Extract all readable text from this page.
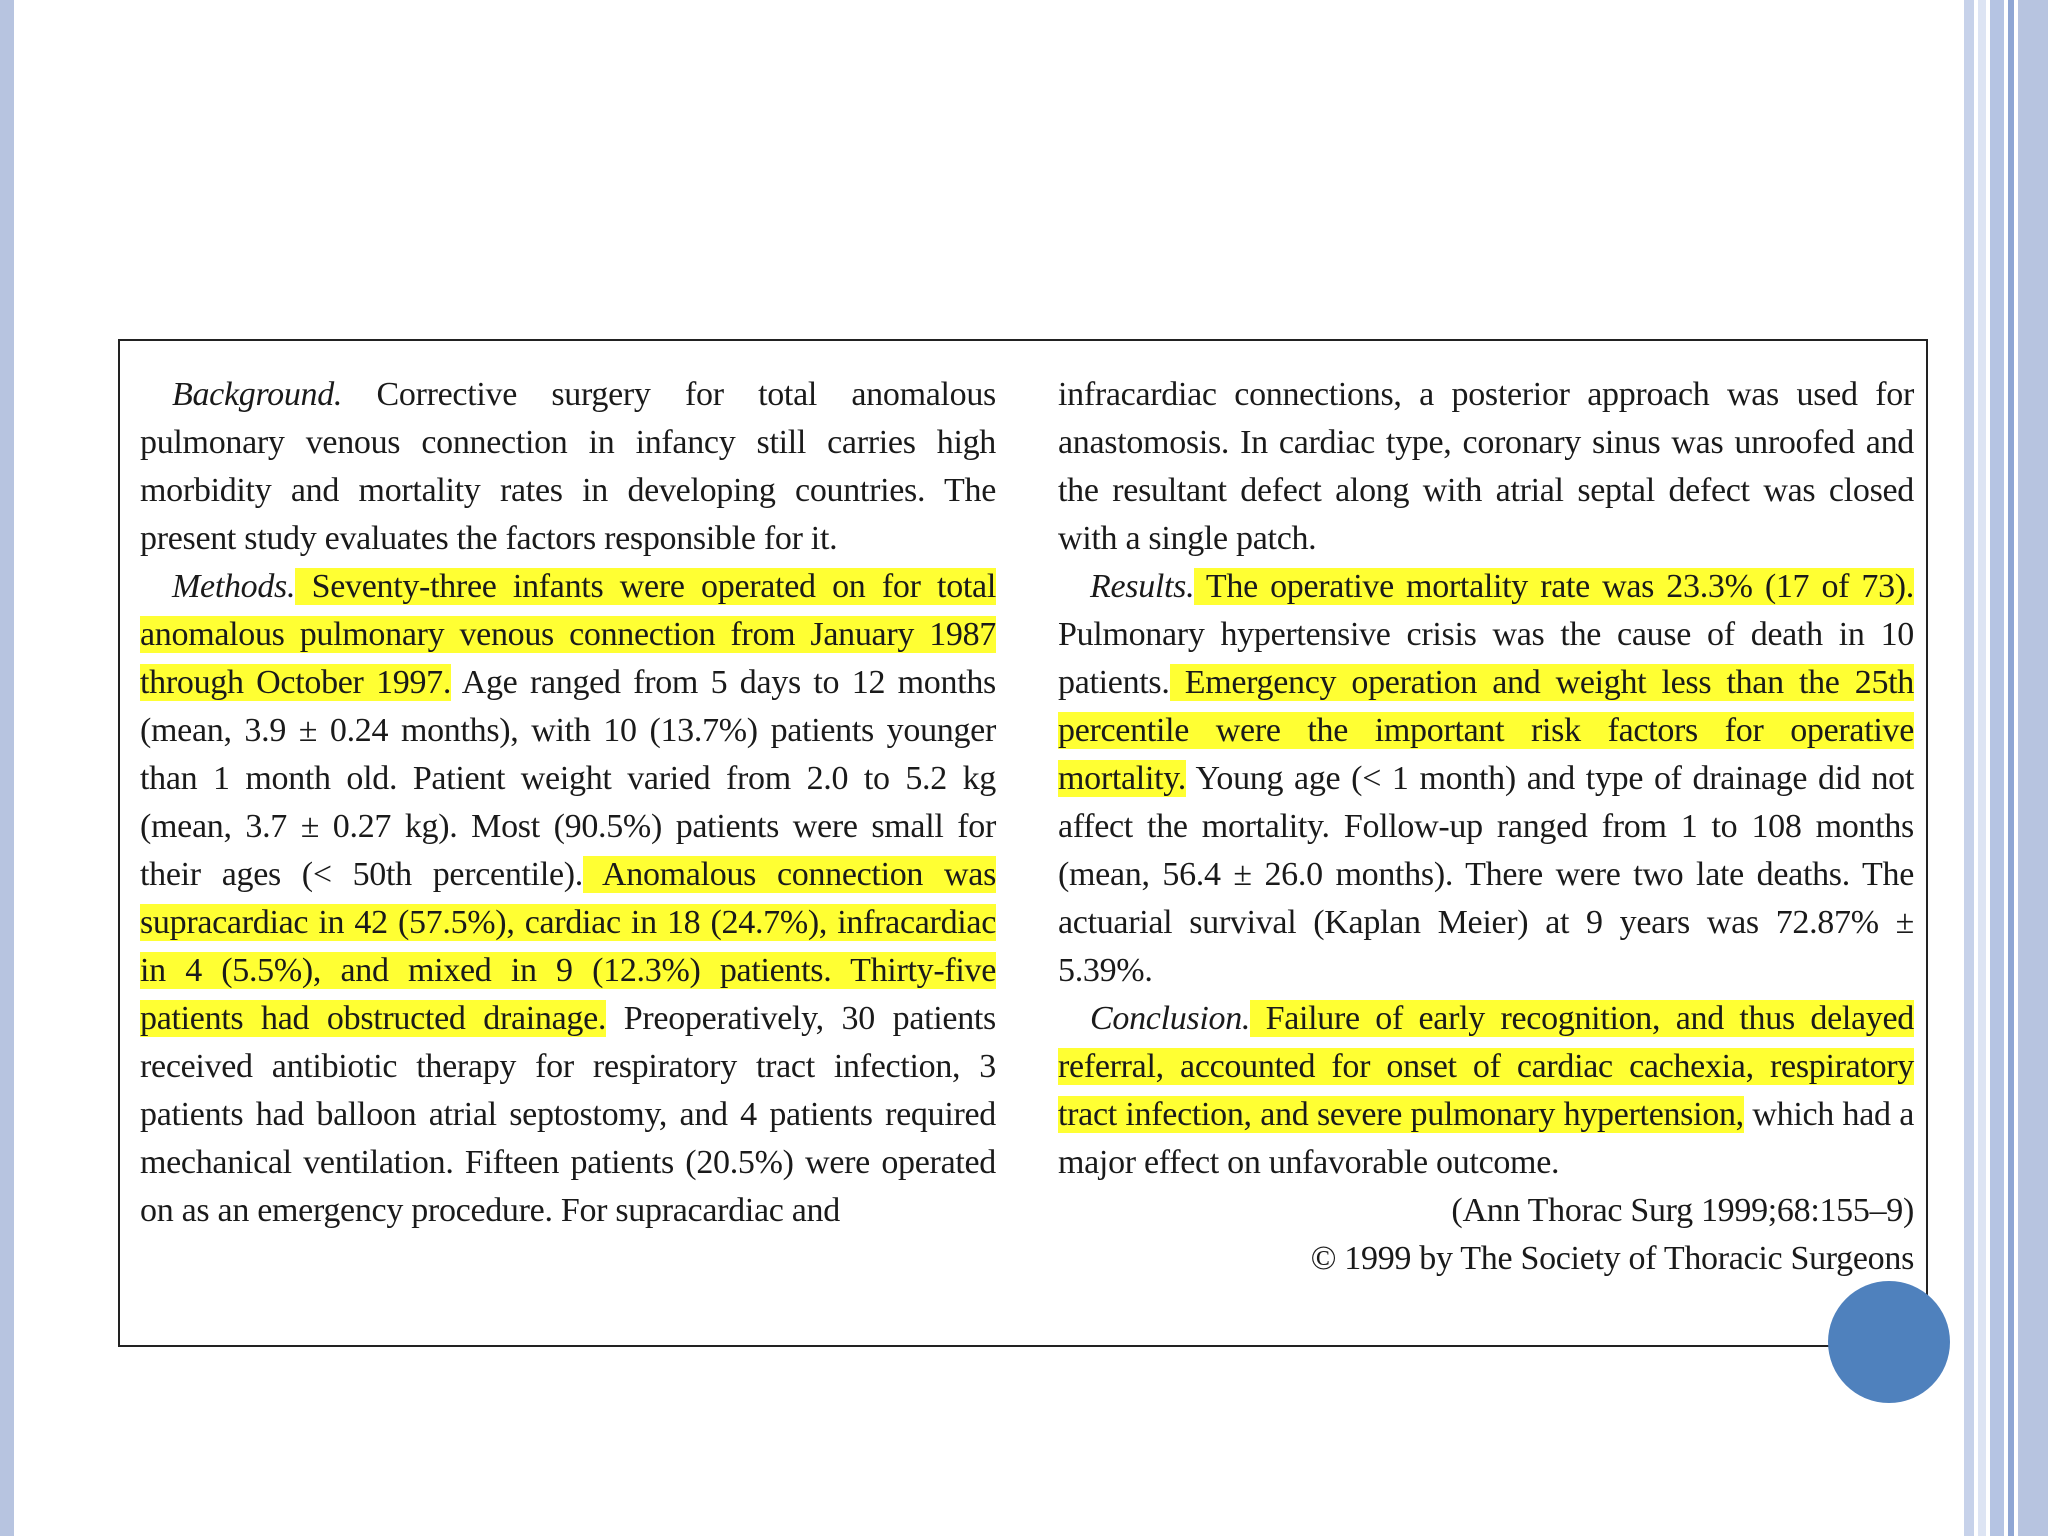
Background. Corrective surgery for total anomalous pulmonary venous connection in infancy still carries high morbidity and mortality rates in developing countries. The present study evaluates the factors responsible for it.

Methods. Seventy-three infants were operated on for total anomalous pulmonary venous connection from January 1987 through October 1997. Age ranged from 5 days to 12 months (mean, 3.9 ± 0.24 months), with 10 (13.7%) patients younger than 1 month old. Patient weight varied from 2.0 to 5.2 kg (mean, 3.7 ± 0.27 kg). Most (90.5%) patients were small for their ages (< 50th percentile). Anomalous connection was supracardiac in 42 (57.5%), cardiac in 18 (24.7%), infracardiac in 4 (5.5%), and mixed in 9 (12.3%) patients. Thirty-five patients had obstructed drainage. Preoperatively, 30 patients received antibiotic therapy for respiratory tract infection, 3 patients had balloon atrial septostomy, and 4 patients required mechanical ventilation. Fifteen patients (20.5%) were operated on as an emergency procedure. For supracardiac and

infracardiac connections, a posterior approach was used for anastomosis. In cardiac type, coronary sinus was unroofed and the resultant defect along with atrial septal defect was closed with a single patch.

Results. The operative mortality rate was 23.3% (17 of 73). Pulmonary hypertensive crisis was the cause of death in 10 patients. Emergency operation and weight less than the 25th percentile were the important risk factors for operative mortality. Young age (< 1 month) and type of drainage did not affect the mortality. Follow-up ranged from 1 to 108 months (mean, 56.4 ± 26.0 months). There were two late deaths. The actuarial survival (Kaplan Meier) at 9 years was 72.87% ± 5.39%.

Conclusion. Failure of early recognition, and thus delayed referral, accounted for onset of cardiac cachexia, respiratory tract infection, and severe pulmonary hypertension, which had a major effect on unfavorable outcome.

(Ann Thorac Surg 1999;68:155–9)
© 1999 by The Society of Thoracic Surgeons
